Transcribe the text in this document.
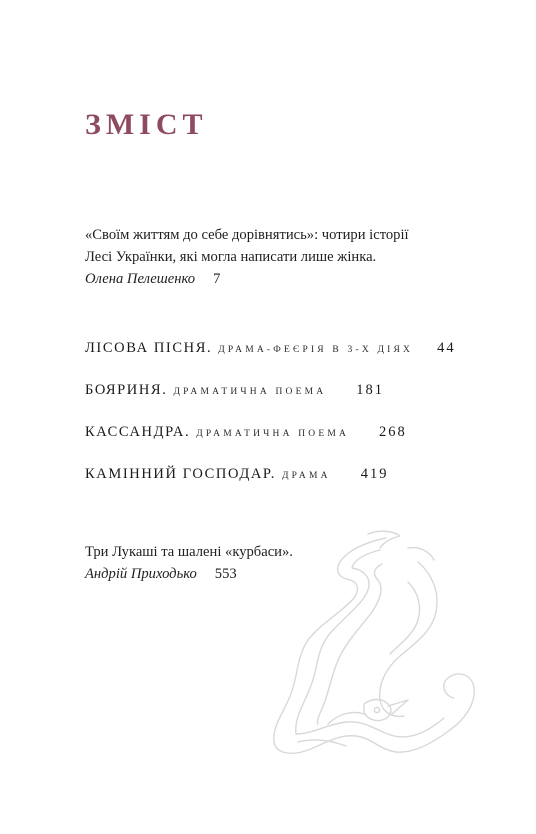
ЗМІСТ
«Своїм життям до себе дорівнятись»: чотири історії
Лесі Українки, які могла написати лише жінка.
Олена Пелешенко 7
ЛІСОВА ПІСНЯ. ДРАМА-ФЕЄРІЯ В 3-Х ДІЯХ 44
БОЯРИНЯ. ДРАМАТИЧНА ПОЕМА 181
КАССАНДРА. ДРАМАТИЧНА ПОЕМА 268
КАМІННИЙ ГОСПОДАР. ДРАМА 419
Три Лукаші та шалені «курбаси».
Андрій Приходько 553
